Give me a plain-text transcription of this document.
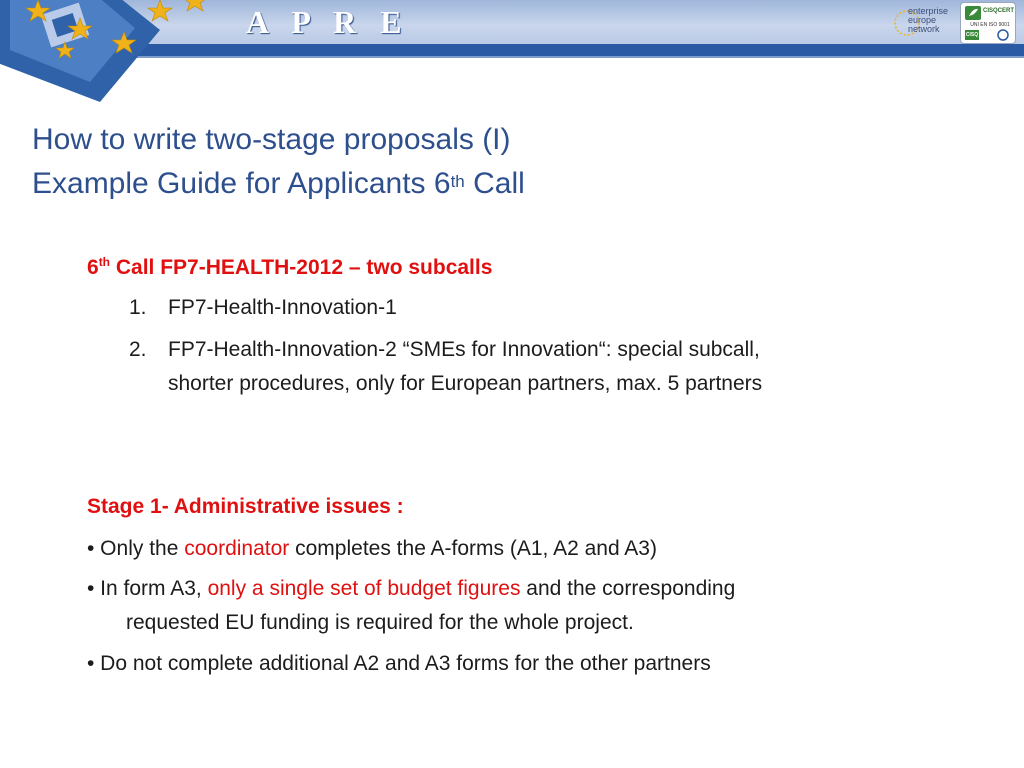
A P R E	enterprise
europe
network
CISQCERT
UNI EN ISO 9001
CISQ
How to write two-stage proposals (I)
Example Guide for Applicants 6th Call
6th Call FP7-HEALTH-2012 – two subcalls
1. FP7-Health-Innovation-1
2. FP7-Health-Innovation-2 “SMEs for Innovation“: special subcall,
shorter procedures, only for European partners, max. 5 partners
Stage 1- Administrative issues :
• Only the coordinator completes the A-forms (A1, A2 and A3)
• In form A3, only a single set of budget figures and the corresponding
requested EU funding is required for the whole project.
• Do not complete additional A2 and A3 forms for the other partners
